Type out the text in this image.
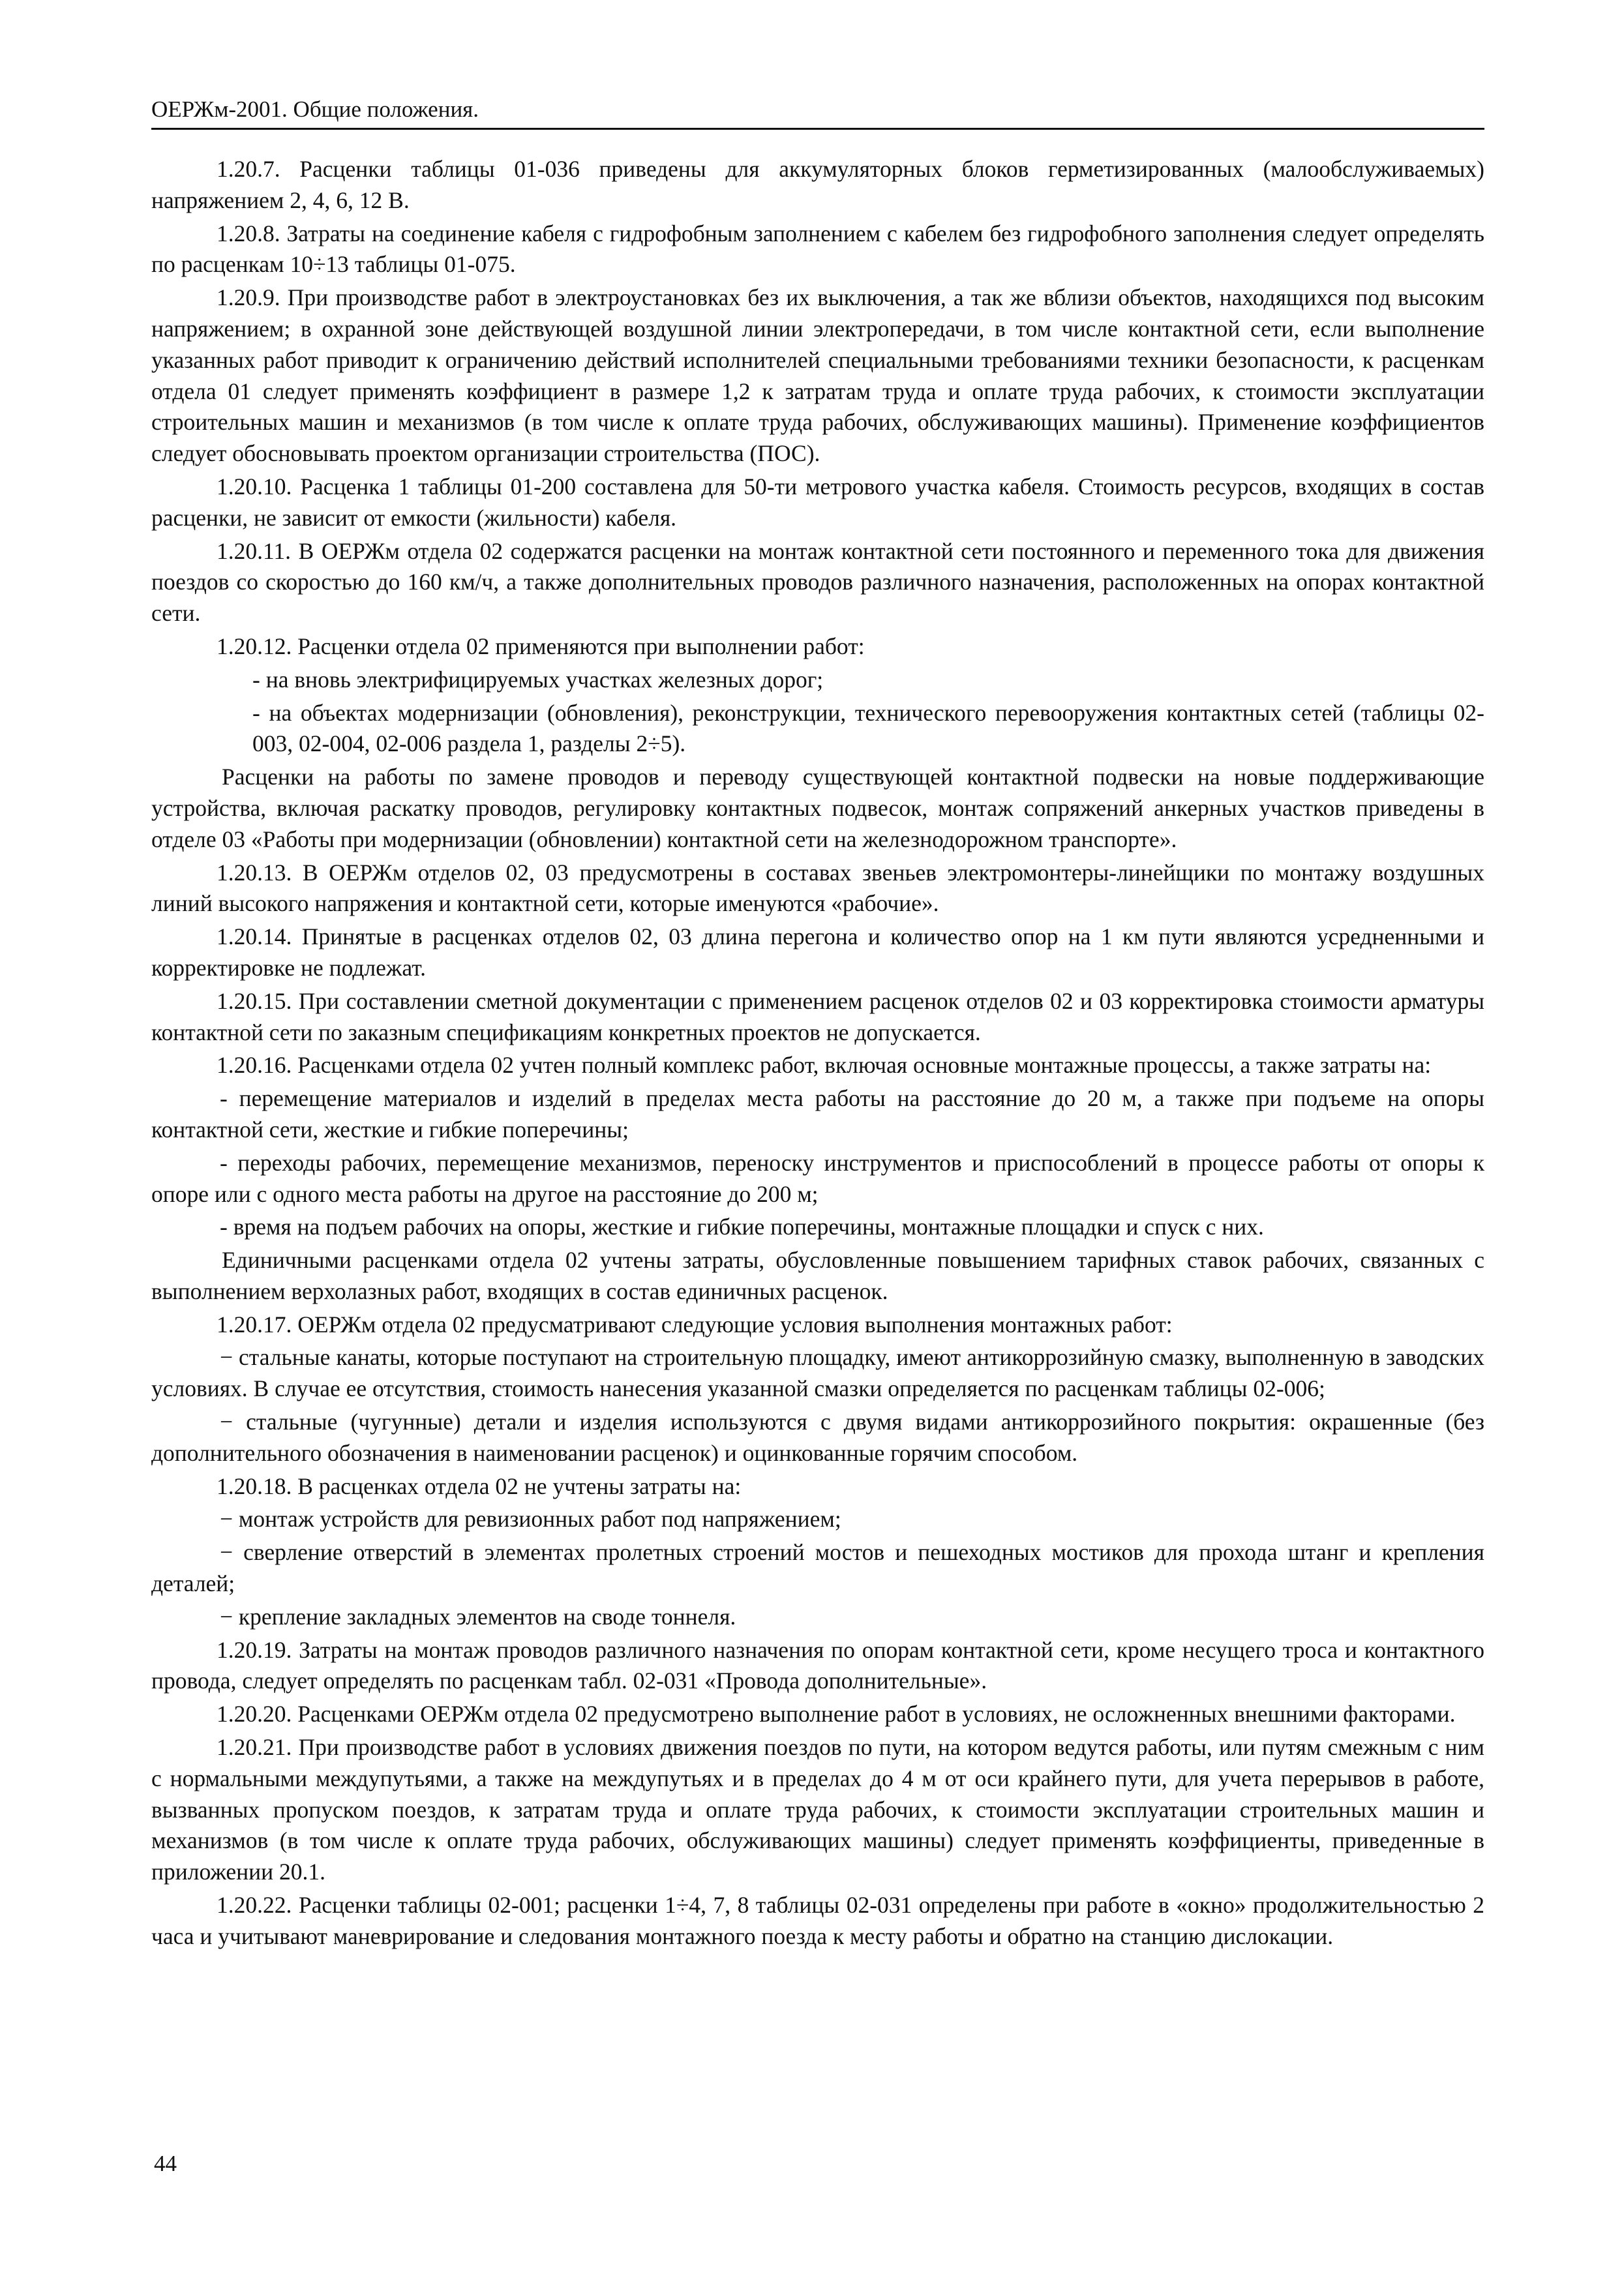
ОЕРЖм-2001. Общие положения.

1.20.7. Расценки таблицы 01-036 приведены для аккумуляторных блоков герметизированных (малообслуживаемых) напряжением 2, 4, 6, 12 В.

1.20.8. Затраты на соединение кабеля с гидрофобным заполнением с кабелем без гидрофобного заполнения следует определять по расценкам 10÷13 таблицы 01-075.

1.20.9. При производстве работ в электроустановках без их выключения, а так же вблизи объектов, находящихся под высоким напряжением; в охранной зоне действующей воздушной линии электропередачи, в том числе контактной сети, если выполнение указанных работ приводит к ограничению действий исполнителей специальными требованиями техники безопасности, к расценкам отдела 01 следует применять коэффициент в размере 1,2 к затратам труда и оплате труда рабочих, к стоимости эксплуатации строительных машин и механизмов (в том числе к оплате труда рабочих, обслуживающих машины). Применение коэффициентов следует обосновывать проектом организации строительства (ПОС).

1.20.10. Расценка 1 таблицы 01-200 составлена для 50-ти метрового участка кабеля. Стоимость ресурсов, входящих в состав расценки, не зависит от емкости (жильности) кабеля.

1.20.11. В ОЕРЖм отдела 02 содержатся расценки на монтаж контактной сети постоянного и переменного тока для движения поездов со скоростью до 160 км/ч, а также дополнительных проводов различного назначения, расположенных на опорах контактной сети.

1.20.12. Расценки отдела 02 применяются при выполнении работ:

- на вновь электрифицируемых участках железных дорог;

- на объектах модернизации (обновления), реконструкции, технического перевооружения контактных сетей (таблицы 02-003, 02-004, 02-006 раздела 1, разделы 2÷5).

Расценки на работы по замене проводов и переводу существующей контактной подвески на новые поддерживающие устройства, включая раскатку проводов, регулировку контактных подвесок, монтаж сопряжений анкерных участков приведены в отделе 03 «Работы при модернизации (обновлении) контактной сети на железнодорожном транспорте».

1.20.13. В ОЕРЖм отделов 02, 03 предусмотрены в составах звеньев электромонтеры-линейщики по монтажу воздушных линий высокого напряжения и контактной сети, которые именуются «рабочие».

1.20.14. Принятые в расценках отделов 02, 03 длина перегона и количество опор на 1 км пути являются усредненными и корректировке не подлежат.

1.20.15. При составлении сметной документации с применением расценок отделов 02 и 03 корректировка стоимости арматуры контактной сети по заказным спецификациям конкретных проектов не допускается.

1.20.16. Расценками отдела 02 учтен полный комплекс работ, включая основные монтажные процессы, а также затраты на:

- перемещение материалов и изделий в пределах места работы на расстояние до 20 м, а также при подъеме на опоры контактной сети, жесткие и гибкие поперечины;

- переходы рабочих, перемещение механизмов, переноску инструментов и приспособлений в процессе работы от опоры к опоре или с одного места работы на другое на расстояние до 200 м;

- время на подъем рабочих на опоры, жесткие и гибкие поперечины, монтажные площадки и спуск с них.

Единичными расценками отдела 02 учтены затраты, обусловленные повышением тарифных ставок рабочих, связанных с выполнением верхолазных работ, входящих в состав единичных расценок.

1.20.17. ОЕРЖм отдела 02 предусматривают следующие условия выполнения монтажных работ:

− стальные канаты, которые поступают на строительную площадку, имеют антикоррозийную смазку, выполненную в заводских условиях. В случае ее отсутствия, стоимость нанесения указанной смазки определяется по расценкам таблицы 02-006;

− стальные (чугунные) детали и изделия используются с двумя видами антикоррозийного покрытия: окрашенные (без дополнительного обозначения в наименовании расценок) и оцинкованные горячим способом.

1.20.18. В расценках отдела 02 не учтены затраты на:

− монтаж устройств для ревизионных работ под напряжением;

− сверление отверстий в элементах пролетных строений мостов и пешеходных мостиков для прохода штанг и крепления деталей;

− крепление закладных элементов на своде тоннеля.

1.20.19. Затраты на монтаж проводов различного назначения по опорам контактной сети, кроме несущего троса и контактного провода, следует определять по расценкам табл. 02-031 «Провода дополнительные».

1.20.20. Расценками ОЕРЖм отдела 02 предусмотрено выполнение работ в условиях, не осложненных внешними факторами.

1.20.21. При производстве работ в условиях движения поездов по пути, на котором ведутся работы, или путям смежным с ним с нормальными междупутьями, а также на междупутьях и в пределах до 4 м от оси крайнего пути, для учета перерывов в работе, вызванных пропуском поездов, к затратам труда и оплате труда рабочих, к стоимости эксплуатации строительных машин и механизмов (в том числе к оплате труда рабочих, обслуживающих машины) следует применять коэффициенты, приведенные в приложении 20.1.

1.20.22. Расценки таблицы 02-001; расценки 1÷4, 7, 8 таблицы 02-031 определены при работе в «окно» продолжительностью 2 часа и учитывают маневрирование и следования монтажного поезда к месту работы и обратно на станцию дислокации.

44
